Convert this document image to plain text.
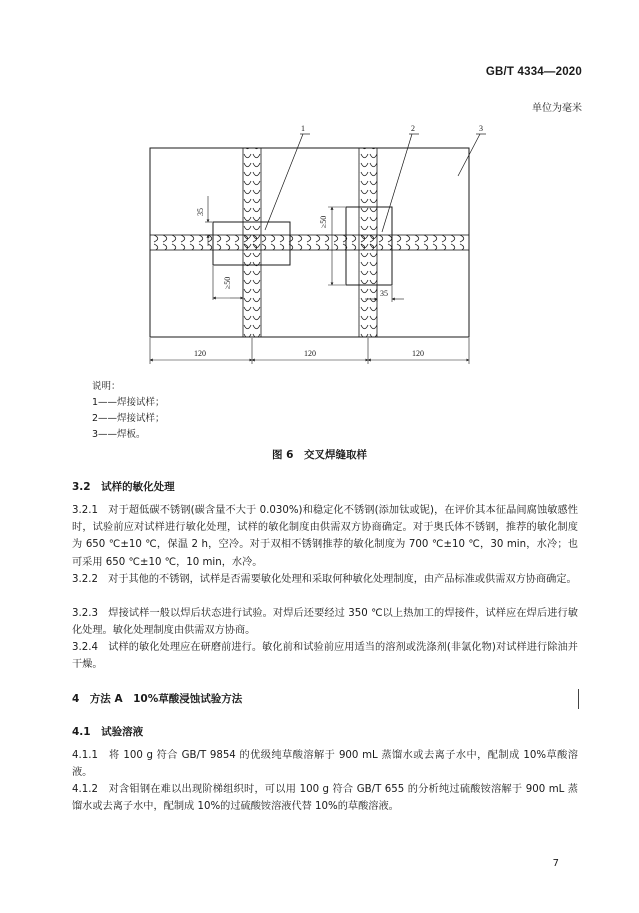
GB/T 4334—2020
单位为毫米
1	2	3
35
≥50
≥50
35
120	120	120
说明：
1——焊接试样；
2——焊接试样；
3——焊板。
图 6　交叉焊缝取样
3.2　试样的敏化处理
3.2.1　对于超低碳不锈钢(碳含量不大于 0.030%)和稳定化不锈钢(添加钛或铌)，在评价其本征晶间腐蚀敏感性时，试验前应对试样进行敏化处理，试样的敏化制度由供需双方协商确定。对于奥氏体不锈钢，推荐的敏化制度为 650 ℃±10 ℃，保温 2 h，空冷。对于双相不锈钢推荐的敏化制度为 700 ℃±10 ℃，30 min，水冷；也可采用 650 ℃±10 ℃，10 min，水冷。
3.2.2　对于其他的不锈钢，试样是否需要敏化处理和采取何种敏化处理制度，由产品标准或供需双方协商确定。
3.2.3　焊接试样一般以焊后状态进行试验。对焊后还要经过 350 ℃以上热加工的焊接件，试样应在焊后进行敏化处理。敏化处理制度由供需双方协商。
3.2.4　试样的敏化处理应在研磨前进行。敏化前和试验前应用适当的溶剂或洗涤剂(非氯化物)对试样进行除油并干燥。
4　方法 A　10%草酸浸蚀试验方法
4.1　试验溶液
4.1.1　将 100 g 符合 GB/T 9854 的优级纯草酸溶解于 900 mL 蒸馏水或去离子水中，配制成 10%草酸溶液。
4.1.2　对含钼钢在难以出现阶梯组织时，可以用 100 g 符合 GB/T 655 的分析纯过硫酸铵溶解于 900 mL 蒸馏水或去离子水中，配制成 10%的过硫酸铵溶液代替 10%的草酸溶液。
7
